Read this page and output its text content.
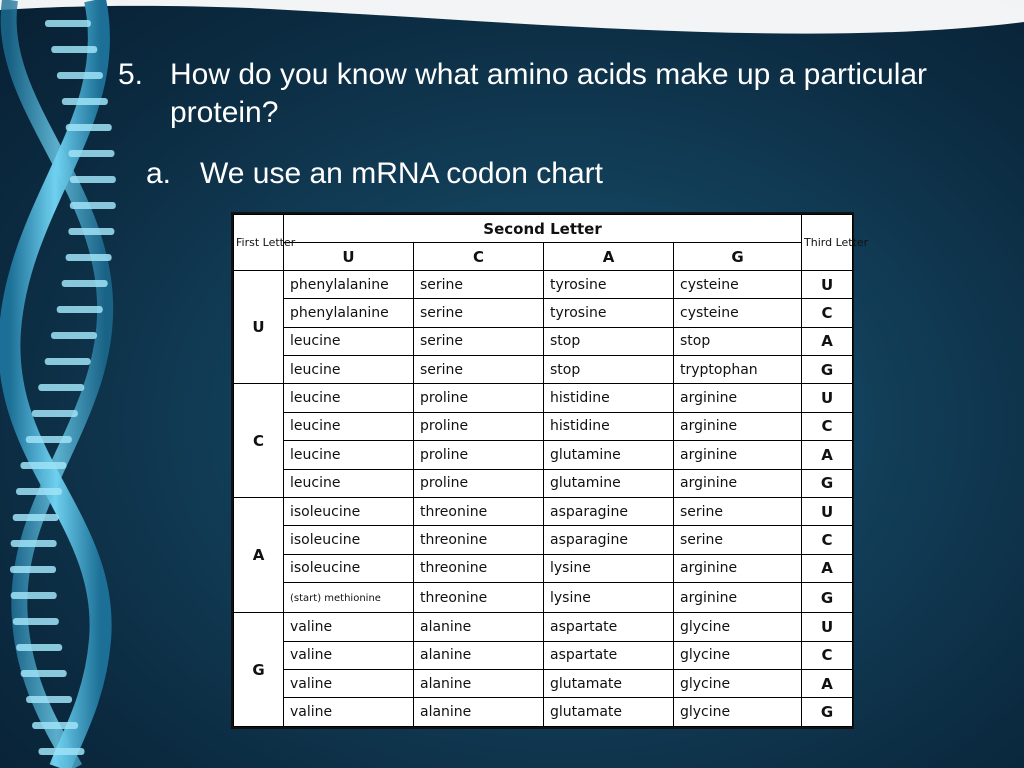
5. How do you know what amino acids make up a particular protein?
a. We use an mRNA codon chart
First Letter	Second Letter				Third Letter
	U	C	A	G	
U	phenylalanine	serine	tyrosine	cysteine	U
	phenylalanine	serine	tyrosine	cysteine	C
	leucine	serine	stop	stop	A
	leucine	serine	stop	tryptophan	G
C	leucine	proline	histidine	arginine	U
	leucine	proline	histidine	arginine	C
	leucine	proline	glutamine	arginine	A
	leucine	proline	glutamine	arginine	G
A	isoleucine	threonine	asparagine	serine	U
	isoleucine	threonine	asparagine	serine	C
	isoleucine	threonine	lysine	arginine	A
	(start) methionine	threonine	lysine	arginine	G
G	valine	alanine	aspartate	glycine	U
	valine	alanine	aspartate	glycine	C
	valine	alanine	glutamate	glycine	A
	valine	alanine	glutamate	glycine	G
